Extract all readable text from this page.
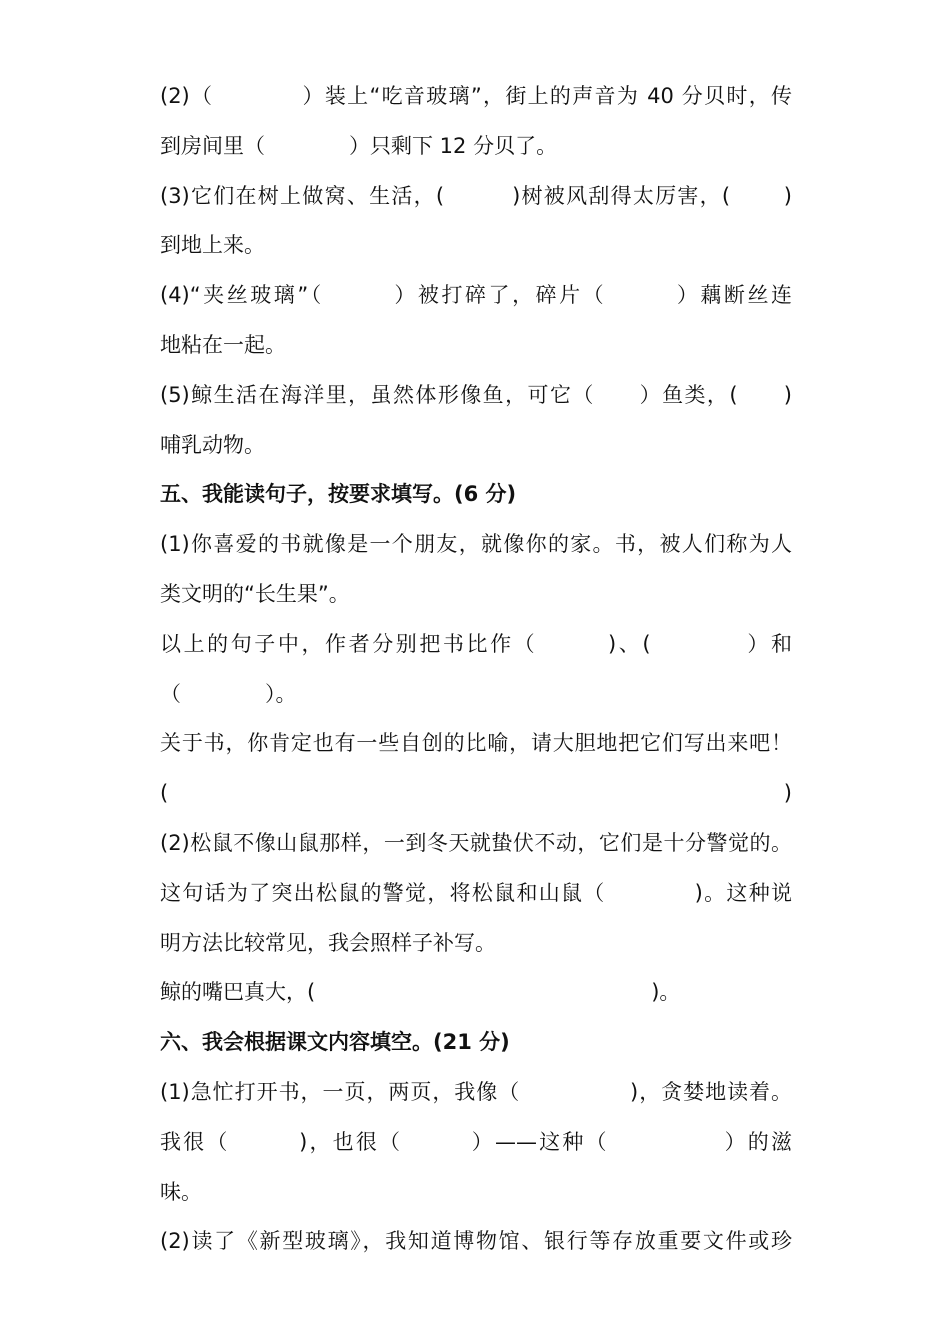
(2)（　　　　）装上“吃音玻璃”，街上的声音为 40 分贝时，传
到房间里（　　　　）只剩下 12 分贝了。
(3)它们在树上做窝、生活，(　　　)树被风刮得太厉害，(　　 )
到地上来。
(4)“夹丝玻璃”（　　　）被打碎了，碎片（　　　）藕断丝连
地粘在一起。
(5)鲸生活在海洋里，虽然体形像鱼，可它（　　）鱼类，(　　)
哺乳动物。
五、我能读句子，按要求填写。(6 分)
(1)你喜爱的书就像是一个朋友，就像你的家。书，被人们称为人
类文明的“长生果”。
以上的句子中，作者分别把书比作（　　　)、(　　　　）和
（　　　　）。
关于书，你肯定也有一些自创的比喻，请大胆地把它们写出来吧！
(　　　　　　　　　　　　　　　　　　　　　　　　　)
(2)松鼠不像山鼠那样，一到冬天就蛰伏不动，它们是十分警觉的。
这句话为了突出松鼠的警觉，将松鼠和山鼠（　　　　)。这种说
明方法比较常见，我会照样子补写。
鲸的嘴巴真大，(　　　　　　　　　　　　　　　　)。
六、我会根据课文内容填空。(21 分)
(1)急忙打开书，一页，两页，我像（　　　　　)，贪婪地读着。
我很（　　　)，也很（　　　）——这种（　　　　　）的滋
味。
(2)读了《新型玻璃》，我知道博物馆、银行等存放重要文件或珍
